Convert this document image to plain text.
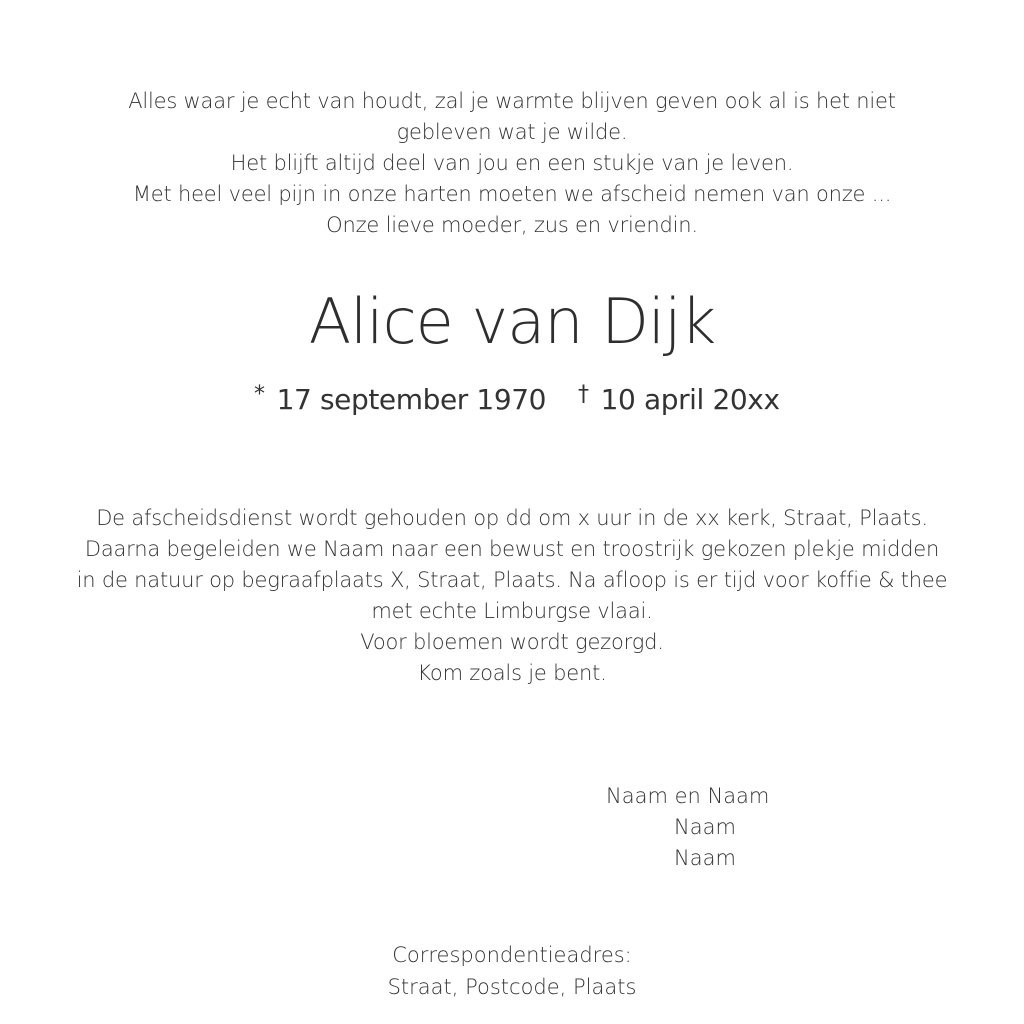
Alles waar je echt van houdt, zal je warmte blijven geven ook al is het niet
gebleven wat je wilde.
Het blijft altijd deel van jou en een stukje van je leven.
Met heel veel pijn in onze harten moeten we afscheid nemen van onze ...
Onze lieve moeder, zus en vriendin.
Alice van Dijk
* 17 september 1970 † 10 april 20xx
De afscheidsdienst wordt gehouden op dd om x uur in de xx kerk, Straat, Plaats.
Daarna begeleiden we Naam naar een bewust en troostrijk gekozen plekje midden
in de natuur op begraafplaats X, Straat, Plaats. Na afloop is er tijd voor koffie & thee
met echte Limburgse vlaai.
Voor bloemen wordt gezorgd.
Kom zoals je bent.
Naam en Naam
Naam
Naam
Correspondentieadres:
Straat, Postcode, Plaats
